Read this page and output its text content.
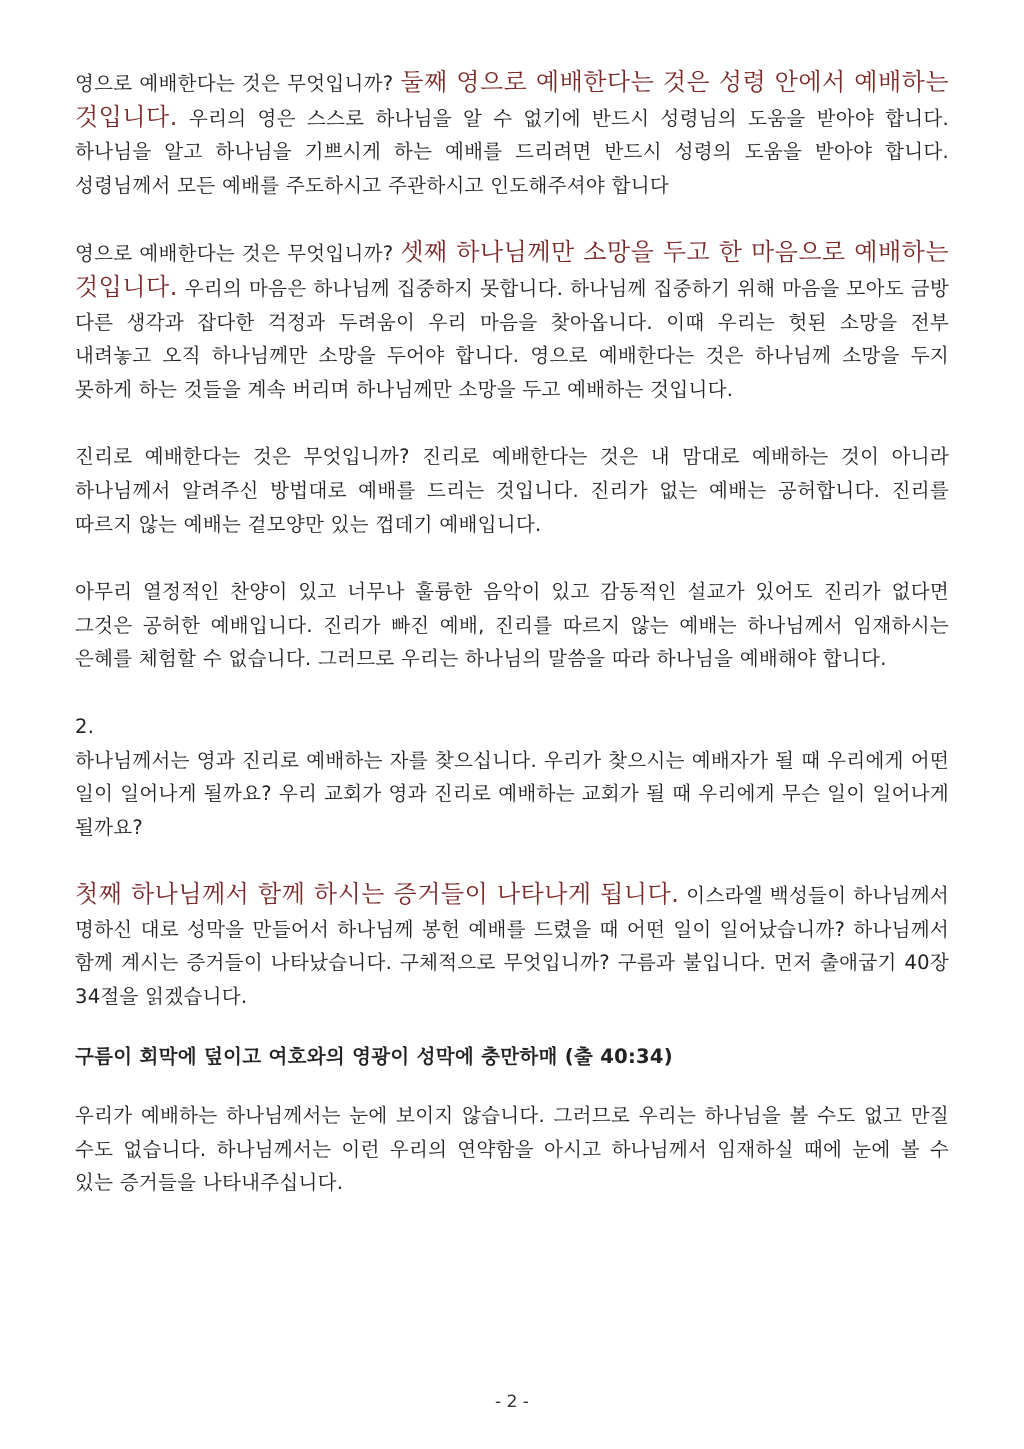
영으로 예배한다는 것은 무엇입니까? 둘째 영으로 예배한다는 것은 성령 안에서 예배하는 것입니다. 우리의 영은 스스로 하나님을 알 수 없기에 반드시 성령님의 도움을 받아야 합니다. 하나님을 알고 하나님을 기쁘시게 하는 예배를 드리려면 반드시 성령의 도움을 받아야 합니다. 성령님께서 모든 예배를 주도하시고 주관하시고 인도해주셔야 합니다

영으로 예배한다는 것은 무엇입니까? 셋째 하나님께만 소망을 두고 한 마음으로 예배하는 것입니다. 우리의 마음은 하나님께 집중하지 못합니다. 하나님께 집중하기 위해 마음을 모아도 금방 다른 생각과 잡다한 걱정과 두려움이 우리 마음을 찾아옵니다. 이때 우리는 헛된 소망을 전부 내려놓고 오직 하나님께만 소망을 두어야 합니다. 영으로 예배한다는 것은 하나님께 소망을 두지 못하게 하는 것들을 계속 버리며 하나님께만 소망을 두고 예배하는 것입니다.

진리로 예배한다는 것은 무엇입니까? 진리로 예배한다는 것은 내 맘대로 예배하는 것이 아니라 하나님께서 알려주신 방법대로 예배를 드리는 것입니다. 진리가 없는 예배는 공허합니다. 진리를 따르지 않는 예배는 겉모양만 있는 껍데기 예배입니다.

아무리 열정적인 찬양이 있고 너무나 훌륭한 음악이 있고 감동적인 설교가 있어도 진리가 없다면 그것은 공허한 예배입니다. 진리가 빠진 예배, 진리를 따르지 않는 예배는 하나님께서 임재하시는 은혜를 체험할 수 없습니다. 그러므로 우리는 하나님의 말씀을 따라 하나님을 예배해야 합니다.

2.

하나님께서는 영과 진리로 예배하는 자를 찾으십니다. 우리가 찾으시는 예배자가 될 때 우리에게 어떤 일이 일어나게 될까요? 우리 교회가 영과 진리로 예배하는 교회가 될 때 우리에게 무슨 일이 일어나게 될까요?

첫째 하나님께서 함께 하시는 증거들이 나타나게 됩니다. 이스라엘 백성들이 하나님께서 명하신 대로 성막을 만들어서 하나님께 봉헌 예배를 드렸을 때 어떤 일이 일어났습니까? 하나님께서 함께 계시는 증거들이 나타났습니다. 구체적으로 무엇입니까? 구름과 불입니다. 먼저 출애굽기 40장 34절을 읽겠습니다.

구름이 회막에 덮이고 여호와의 영광이 성막에 충만하매 (출 40:34)

우리가 예배하는 하나님께서는 눈에 보이지 않습니다. 그러므로 우리는 하나님을 볼 수도 없고 만질 수도 없습니다. 하나님께서는 이런 우리의 연약함을 아시고 하나님께서 임재하실 때에 눈에 볼 수 있는 증거들을 나타내주십니다.

- 2 -
